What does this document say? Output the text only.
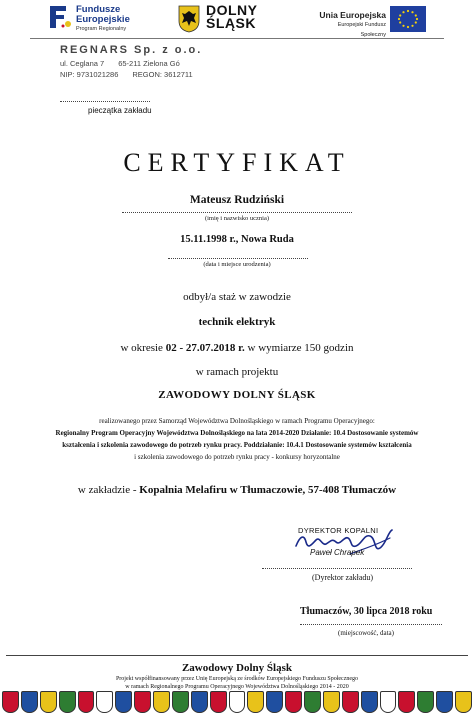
Fundusze
Europejskie
Program Regionalny
DOLNY
ŚLĄSK	Unia Europejska
Europejski Fundusz Społeczny
REGNARS Sp. z o.o.
ul. Ceglana 7 65-211 Zielona Gó
NIP: 9731021286 REGON: 3612711
pieczątka zakładu
CERTYFIKAT
Mateusz Rudziński
(imię i nazwisko ucznia)
15.11.1998 r., Nowa Ruda
(data i miejsce urodzenia)
odbył/a staż w zawodzie
technik elektryk
w okresie 02 - 27.07.2018 r. w wymiarze 150 godzin
w ramach projektu
ZAWODOWY DOLNY ŚLĄSK
realizowanego przez Samorząd Województwa Dolnośląskiego w ramach Programu Operacyjnego:
Regionalny Program Operacyjny Województwa Dolnośląskiego na lata 2014-2020 Działanie: 10.4 Dostosowanie systemów
kształcenia i szkolenia zawodowego do potrzeb rynku pracy. Poddziałanie: 10.4.1 Dostosowanie systemów kształcenia
i szkolenia zawodowego do potrzeb rynku pracy - konkursy horyzontalne
w zakładzie - Kopalnia Melafiru w Tłumaczowie, 57-408 Tłumaczów
DYREKTOR KOPALNI
Paweł Chrapek
(Dyrektor zakładu)
Tłumaczów, 30 lipca 2018 roku
(miejscowość, data)
Zawodowy Dolny Śląsk
Projekt współfinansowany przez Unię Europejską ze środków Europejskiego Funduszu Społecznego
w ramach Regionalnego Programu Operacyjnego Województwa Dolnośląskiego 2014 - 2020
